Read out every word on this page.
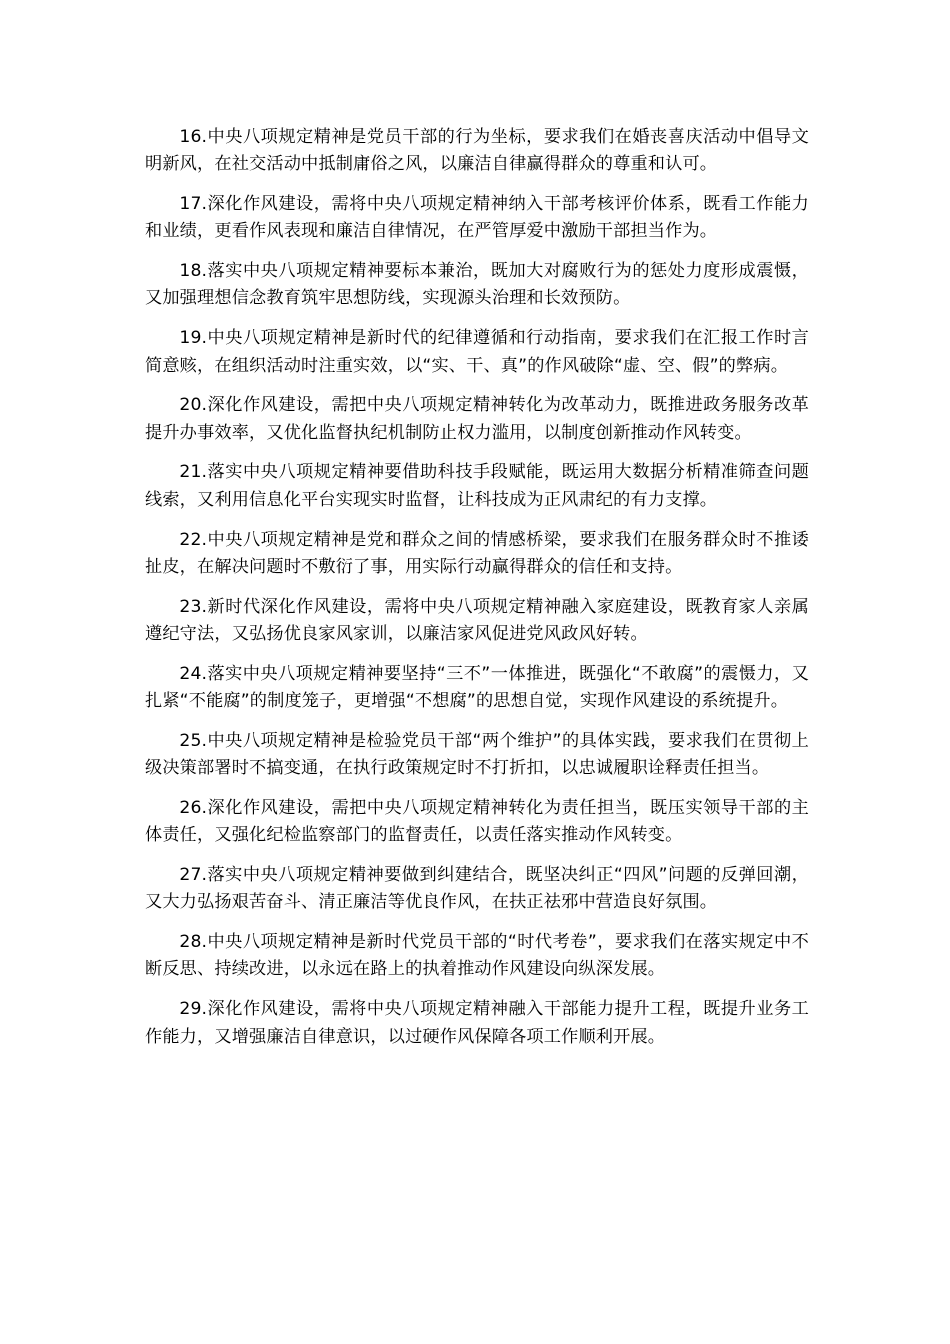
16.中央八项规定精神是党员干部的行为坐标，要求我们在婚丧喜庆活动中倡导文明新风，在社交活动中抵制庸俗之风，以廉洁自律赢得群众的尊重和认可。

17.深化作风建设，需将中央八项规定精神纳入干部考核评价体系，既看工作能力和业绩，更看作风表现和廉洁自律情况，在严管厚爱中激励干部担当作为。

18.落实中央八项规定精神要标本兼治，既加大对腐败行为的惩处力度形成震慑，又加强理想信念教育筑牢思想防线，实现源头治理和长效预防。

19.中央八项规定精神是新时代的纪律遵循和行动指南，要求我们在汇报工作时言简意赅，在组织活动时注重实效，以“实、干、真”的作风破除“虚、空、假”的弊病。

20.深化作风建设，需把中央八项规定精神转化为改革动力，既推进政务服务改革提升办事效率，又优化监督执纪机制防止权力滥用，以制度创新推动作风转变。

21.落实中央八项规定精神要借助科技手段赋能，既运用大数据分析精准筛查问题线索，又利用信息化平台实现实时监督，让科技成为正风肃纪的有力支撑。

22.中央八项规定精神是党和群众之间的情感桥梁，要求我们在服务群众时不推诿扯皮，在解决问题时不敷衍了事，用实际行动赢得群众的信任和支持。

23.新时代深化作风建设，需将中央八项规定精神融入家庭建设，既教育家人亲属遵纪守法，又弘扬优良家风家训，以廉洁家风促进党风政风好转。

24.落实中央八项规定精神要坚持“三不”一体推进，既强化“不敢腐”的震慑力，又扎紧“不能腐”的制度笼子，更增强“不想腐”的思想自觉，实现作风建设的系统提升。

25.中央八项规定精神是检验党员干部“两个维护”的具体实践，要求我们在贯彻上级决策部署时不搞变通，在执行政策规定时不打折扣，以忠诚履职诠释责任担当。

26.深化作风建设，需把中央八项规定精神转化为责任担当，既压实领导干部的主体责任，又强化纪检监察部门的监督责任，以责任落实推动作风转变。

27.落实中央八项规定精神要做到纠建结合，既坚决纠正“四风”问题的反弹回潮，又大力弘扬艰苦奋斗、清正廉洁等优良作风，在扶正祛邪中营造良好氛围。

28.中央八项规定精神是新时代党员干部的“时代考卷”，要求我们在落实规定中不断反思、持续改进，以永远在路上的执着推动作风建设向纵深发展。

29.深化作风建设，需将中央八项规定精神融入干部能力提升工程，既提升业务工作能力，又增强廉洁自律意识，以过硬作风保障各项工作顺利开展。
